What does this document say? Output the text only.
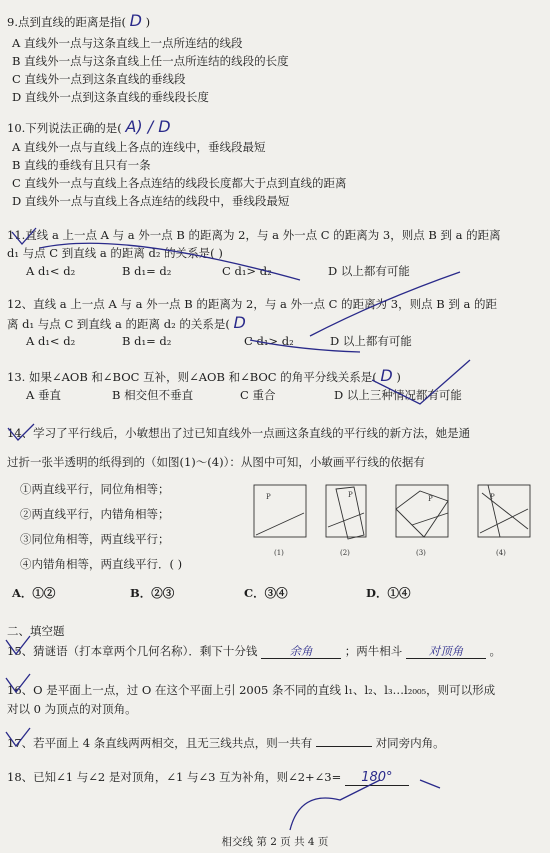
9.点到直线的距离是指( D )
A 直线外一点与这条直线上一点所连结的线段
B 直线外一点与这条直线上任一点所连结的线段的长度
C 直线外一点到这条直线的垂线段
D 直线外一点到这条直线的垂线段长度
10.下列说法正确的是( A) / D
A 直线外一点与直线上各点的连线中，垂线段最短
B 直线的垂线有且只有一条
C 直线外一点与直线上各点连结的线段长度都大于点到直线的距离
D 直线外一点与直线上各点连结的线段中，垂线段最短
11.直线 a 上一点 A 与 a 外一点 B 的距离为 2，与 a 外一点 C 的距离为 3，则点 B 到 a 的距离
d₁ 与点 C 到直线 a 的距离 d₂ 的关系是( )
A d₁< d₂	B d₁= d₂	C d₁> d₂	D 以上都有可能
12、直线 a 上一点 A 与 a 外一点 B 的距离为 2，与 a 外一点 C 的距离为 3，则点 B 到 a 的距
离 d₁ 与点 C 到直线 a 的距离 d₂ 的关系是( D
A d₁< d₂	B d₁= d₂	C d₁> d₂	D 以上都有可能
13. 如果∠AOB 和∠BOC 互补，则∠AOB 和∠BOC 的角平分线关系是( D )
A 垂直	B 相交但不垂直	C 重合	D 以上三种情况都有可能
14、学习了平行线后，小敏想出了过已知直线外一点画这条直线的平行线的新方法，她是通
过折一张半透明的纸得到的（如图(1)～(4)）：从图中可知，小敏画平行线的依据有
①两直线平行，同位角相等；
②两直线平行，内错角相等；
③同位角相等，两直线平行；
④内错角相等，两直线平行．( )
P	P	P	P
(1)	(2)	(3)	(4)
A．①②	B．②③	C．③④	D．①④
二、填空题
15、猜谜语（打本章两个几何名称）．剩下十分钱	余角	；两牛相斗 对顶角 。
16、O 是平面上一点，过 O 在这个平面上引 2005 条不同的直线 l₁、l₂、l₃…l₂₀₀₅，则可以形成
对以 0 为顶点的对顶角。
17、若平面上 4 条直线两两相交，且无三线共点，则一共有	对同旁内角。
18、已知∠1 与∠2 是对顶角，∠1 与∠3 互为补角，则∠2+∠3= 180°
相交线 第 2 页 共 4 页
